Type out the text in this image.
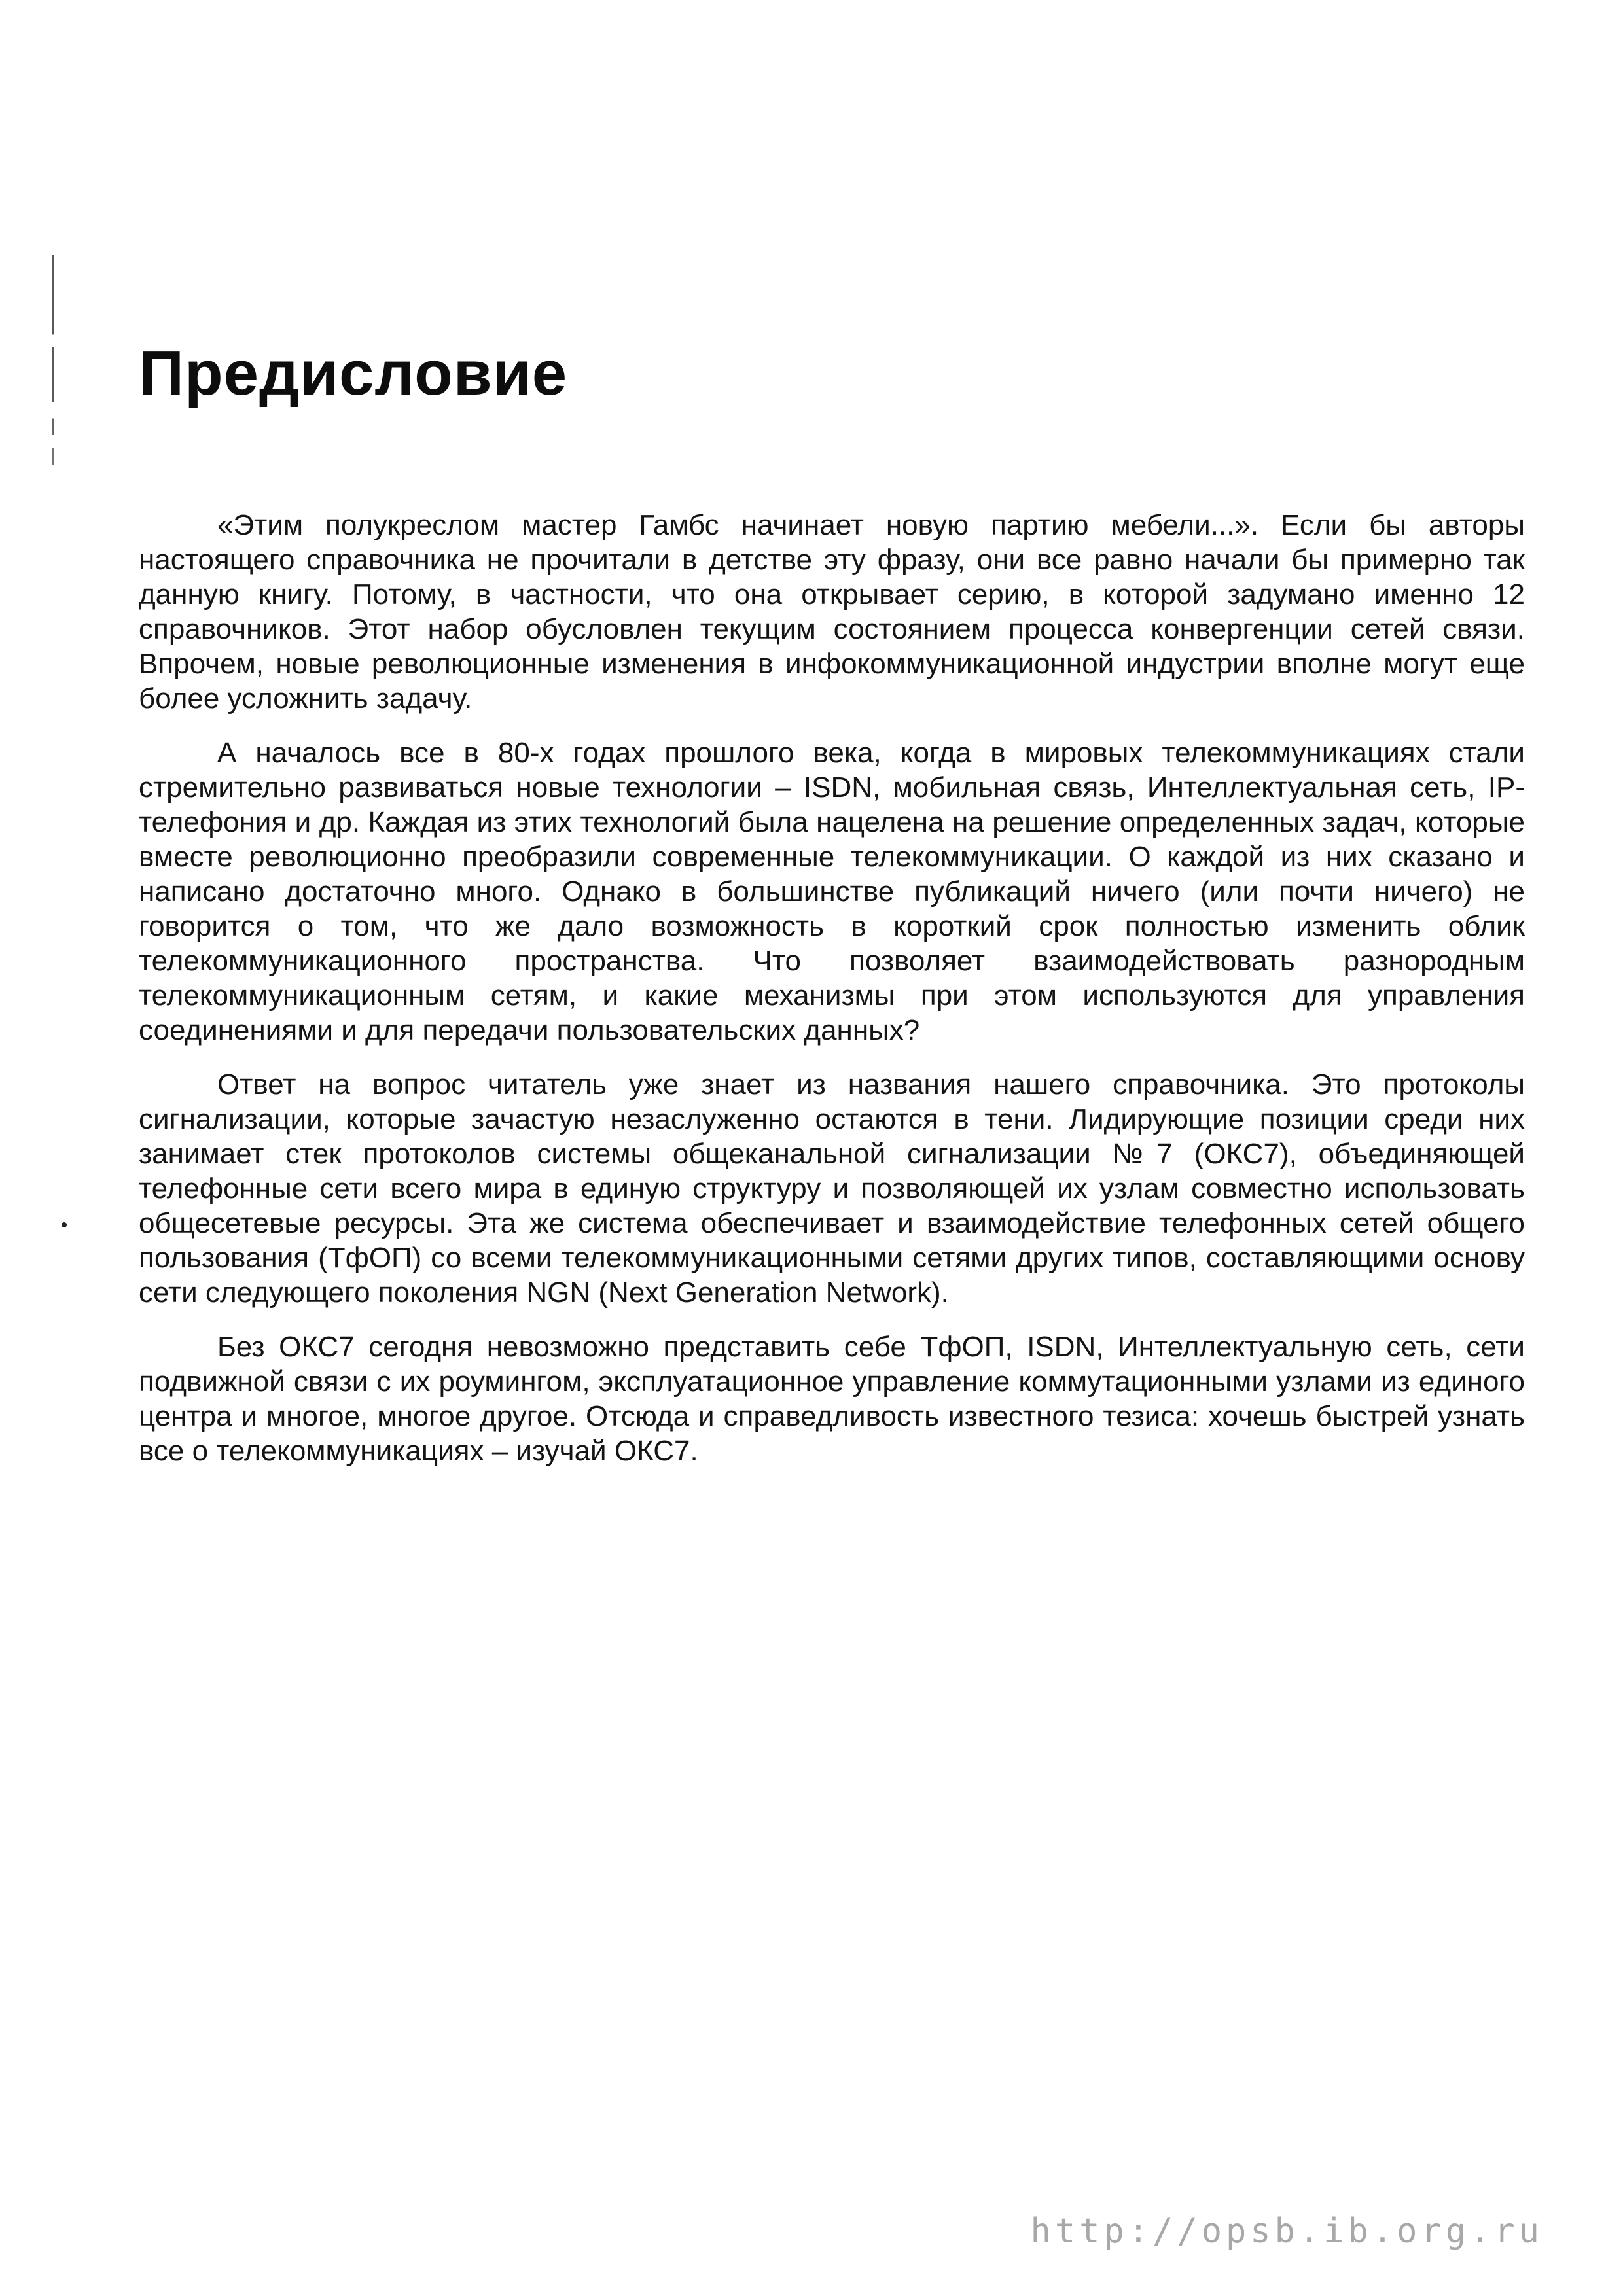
Предисловие

«Этим полукреслом мастер Гамбс начинает новую партию мебели...». Если бы авторы настоящего справочника не прочитали в детстве эту фразу, они все равно начали бы примерно так данную книгу. Потому, в частности, что она открывает серию, в которой задумано именно 12 справочников. Этот набор обусловлен текущим состоянием процесса конвергенции сетей связи. Впрочем, новые революционные изменения в инфокоммуникационной индустрии вполне могут еще более усложнить задачу.

А началось все в 80-х годах прошлого века, когда в мировых телекоммуникациях стали стремительно развиваться новые технологии – ISDN, мобильная связь, Интеллектуальная сеть, IP-телефония и др. Каждая из этих технологий была нацелена на решение определенных задач, которые вместе революционно преобразили современные телекоммуникации. О каждой из них сказано и написано достаточно много. Однако в большинстве публикаций ничего (или почти ничего) не говорится о том, что же дало возможность в короткий срок полностью изменить облик телекоммуникационного пространства. Что позволяет взаимодействовать разнородным телекоммуникационным сетям, и какие механизмы при этом используются для управления соединениями и для передачи пользовательских данных?

Ответ на вопрос читатель уже знает из названия нашего справочника. Это протоколы сигнализации, которые зачастую незаслуженно остаются в тени. Лидирующие позиции среди них занимает стек протоколов системы общеканальной сигнализации №7 (ОКС7), объединяющей телефонные сети всего мира в единую структуру и позволяющей их узлам совместно использовать общесетевые ресурсы. Эта же система обеспечивает и взаимодействие телефонных сетей общего пользования (ТфОП) со всеми телекоммуникационными сетями других типов, составляющими основу сети следующего поколения NGN (Next Generation Network).

Без ОКС7 сегодня невозможно представить себе ТфОП, ISDN, Интеллектуальную сеть, сети подвижной связи с их роумингом, эксплуатационное управление коммутационными узлами из единого центра и многое, многое другое. Отсюда и справедливость известного тезиса: хочешь быстрей узнать все о телекоммуникациях – изучай ОКС7.

http://opsb.ib.org.ru
